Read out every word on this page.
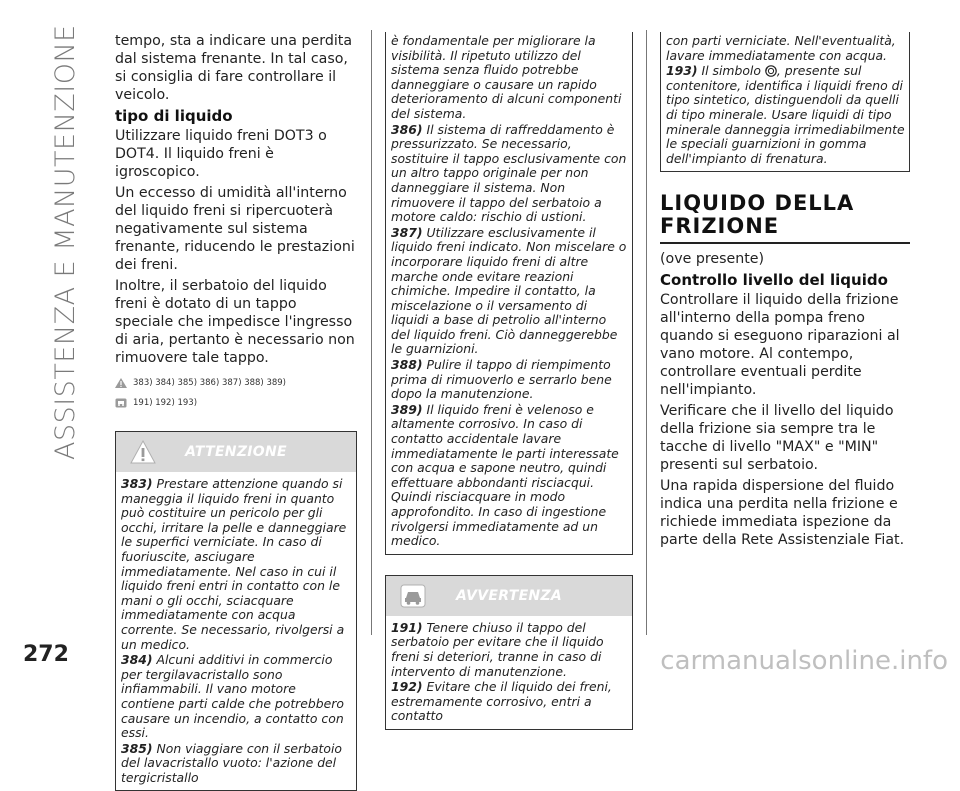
ASSISTENZA E MANUTENZIONE tempo, sta a indicare una perdita dal sistema frenante. In tal caso, si consiglia di fare controllare il veicolo.

tipo di liquido

Utilizzare liquido freni DOT3 o DOT4. Il liquido freni è igroscopico.

Un eccesso di umidità all'interno del liquido freni si ripercuoterà negativamente sul sistema frenante, riducendo le prestazioni dei freni.

Inoltre, il serbatoio del liquido freni è dotato di un tappo speciale che impedisce l'ingresso di aria, pertanto è necessario non rimuovere tale tappo.

383) 384) 385) 386) 387) 388) 389)
191) 192) 193)
ATTENZIONE
383) Prestare attenzione quando si maneggia il liquido freni in quanto può costituire un pericolo per gli occhi, irritare la pelle e danneggiare le superfici verniciate. In caso di fuoriuscite, asciugare immediatamente. Nel caso in cui il liquido freni entri in contatto con le mani o gli occhi, sciacquare immediatamente con acqua corrente. Se necessario, rivolgersi a un medico.
384) Alcuni additivi in commercio per tergilavacristallo sono infiammabili. Il vano motore contiene parti calde che potrebbero causare un incendio, a contatto con essi.
385) Non viaggiare con il serbatoio del lavacristallo vuoto: l'azione del tergicristallo
è fondamentale per migliorare la visibilità. Il ripetuto utilizzo del sistema senza fluido potrebbe danneggiare o causare un rapido deterioramento di alcuni componenti del sistema.
386) Il sistema di raffreddamento è pressurizzato. Se necessario, sostituire il tappo esclusivamente con un altro tappo originale per non danneggiare il sistema. Non rimuovere il tappo del serbatoio a motore caldo: rischio di ustioni.
387) Utilizzare esclusivamente il liquido freni indicato. Non miscelare o incorporare liquido freni di altre marche onde evitare reazioni chimiche. Impedire il contatto, la miscelazione o il versamento di liquidi a base di petrolio all'interno del liquido freni. Ciò danneggerebbe le guarnizioni.
388) Pulire il tappo di riempimento prima di rimuoverlo e serrarlo bene dopo la manutenzione.
389) Il liquido freni è velenoso e altamente corrosivo. In caso di contatto accidentale lavare immediatamente le parti interessate con acqua e sapone neutro, quindi effettuare abbondanti risciacqui. Quindi risciacquare in modo approfondito. In caso di ingestione rivolgersi immediatamente ad un medico.
AVVERTENZA
191) Tenere chiuso il tappo del serbatoio per evitare che il liquido freni si deteriori, tranne in caso di intervento di manutenzione.
192) Evitare che il liquido dei freni, estremamente corrosivo, entri a contatto
con parti verniciate. Nell'eventualità, lavare immediatamente con acqua.
193) Il simbolo , presente sul contenitore, identifica i liquidi freno di tipo sintetico, distinguendoli da quelli di tipo minerale. Usare liquidi di tipo minerale danneggia irrimediabilmente le speciali guarnizioni in gomma dell'impianto di frenatura.
LIQUIDO DELLA FRIZIONE

(ove presente)

Controllo livello del liquido

Controllare il liquido della frizione all'interno della pompa freno quando si eseguono riparazioni al vano motore. Al contempo, controllare eventuali perdite nell'impianto.

Verificare che il livello del liquido della frizione sia sempre tra le tacche di livello "MAX" e "MIN" presenti sul serbatoio.

Una rapida dispersione del fluido indica una perdita nella frizione e richiede immediata ispezione da parte della Rete Assistenziale Fiat.

272	carmanualsonline.info
